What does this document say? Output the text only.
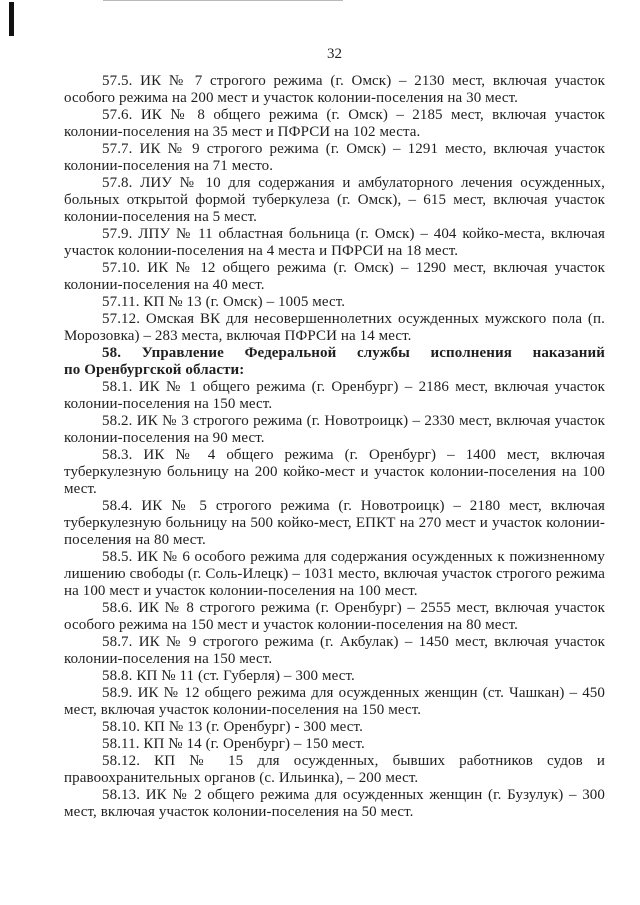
32

57.5. ИК № 7 строгого режима (г. Омск) – 2130 мест, включая участок особого режима на 200 мест и участок колонии-поселения на 30 мест.

57.6. ИК № 8 общего режима (г. Омск) – 2185 мест, включая участок колонии-поселения на 35 мест и ПФРСИ на 102 места.

57.7. ИК № 9 строгого режима (г. Омск) – 1291 место, включая участок колонии-поселения на 71 место.

57.8. ЛИУ № 10 для содержания и амбулаторного лечения осужденных, больных открытой формой туберкулеза (г. Омск), – 615 мест, включая участок колонии-поселения на 5 мест.

57.9. ЛПУ № 11 областная больница (г. Омск) – 404 койко-места, включая участок колонии-поселения на 4 места и ПФРСИ на 18 мест.

57.10. ИК № 12 общего режима (г. Омск) – 1290 мест, включая участок колонии-поселения на 40 мест.

57.11. КП № 13 (г. Омск) – 1005 мест.

57.12. Омская ВК для несовершеннолетних осужденных мужского пола (п. Морозовка) – 283 места, включая ПФРСИ на 14 мест.

58. Управление Федеральной службы исполнения наказаний

по Оренбургской области:

58.1. ИК № 1 общего режима (г. Оренбург) – 2186 мест, включая участок колонии-поселения на 150 мест.

58.2. ИК № 3 строгого режима (г. Новотроицк) – 2330 мест, включая участок колонии-поселения на 90 мест.

58.3. ИК № 4 общего режима (г. Оренбург) – 1400 мест, включая туберкулезную больницу на 200 койко-мест и участок колонии-поселения на 100 мест.

58.4. ИК № 5 строгого режима (г. Новотроицк) – 2180 мест, включая туберкулезную больницу на 500 койко-мест, ЕПКТ на 270 мест и участок колонии-поселения на 80 мест.

58.5. ИК № 6 особого режима для содержания осужденных к пожизненному лишению свободы (г. Соль-Илецк) – 1031 место, включая участок строгого режима на 100 мест и участок колонии-поселения на 100 мест.

58.6. ИК № 8 строгого режима (г. Оренбург) – 2555 мест, включая участок особого режима на 150 мест и участок колонии-поселения на 80 мест.

58.7. ИК № 9 строгого режима (г. Акбулак) – 1450 мест, включая участок колонии-поселения на 150 мест.

58.8. КП № 11 (ст. Губерля) – 300 мест.

58.9. ИК № 12 общего режима для осужденных женщин (ст. Чашкан) – 450 мест, включая участок колонии-поселения на 150 мест.

58.10. КП № 13 (г. Оренбург) - 300 мест.

58.11. КП № 14 (г. Оренбург) – 150 мест.

58.12. КП № 15 для осужденных, бывших работников судов и правоохранительных органов (с. Ильинка), – 200 мест.

58.13. ИК № 2 общего режима для осужденных женщин (г. Бузулук) – 300 мест, включая участок колонии-поселения на 50 мест.
